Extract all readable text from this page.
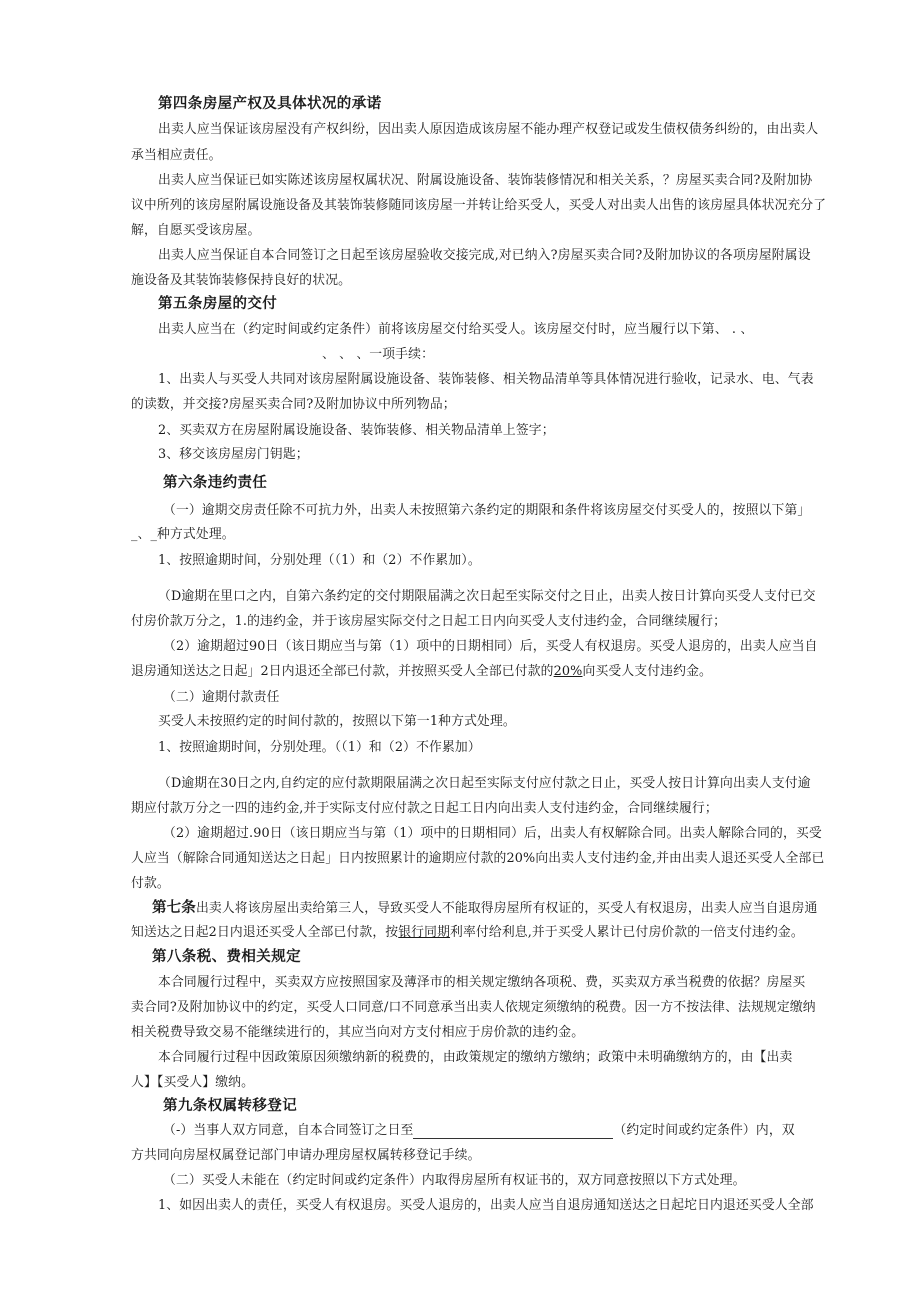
第四条房屋产权及具体状况的承诺
出卖人应当保证该房屋没有产权纠纷，因出卖人原因造成该房屋不能办理产权登记或发生债权债务纠纷的，由出卖人
承当相应责任。
出卖人应当保证已如实陈述该房屋权属状况、附属设施设备、装饰装修情况和相关关系，？房屋买卖合同?及附加协
议中所列的该房屋附属设施设备及其装饰装修随同该房屋一并转让给买受人，买受人对出卖人出售的该房屋具体状况充分了
解，自愿买受该房屋。
出卖人应当保证自本合同签订之日起至该房屋验收交接完成,对已纳入?房屋买卖合同?及附加协议的各项房屋附属设
施设备及其装饰装修保持良好的状况。
第五条房屋的交付
出卖人应当在（约定时间或约定条件）前将该房屋交付给买受人。该房屋交付时，应当履行以下第、 . 、
、 、 、一项手续：
1、出卖人与买受人共同对该房屋附属设施设备、装饰装修、相关物品清单等具体情况进行验收，记录水、电、气表
的读数，并交接?房屋买卖合同?及附加协议中所列物品；
2、买卖双方在房屋附属设施设备、装饰装修、相关物品清单上签字；
3、移交该房屋房门钥匙；
第六条违约责任
（一）逾期交房责任除不可抗力外，出卖人未按照第六条约定的期限和条件将该房屋交付买受人的，按照以下第」
_、_种方式处理。
1、按照逾期时间，分别处理（（1）和（2）不作累加）。
（D逾期在里口之内，自第六条约定的交付期限届满之次日起至实际交付之日止，出卖人按日计算向买受人支付已交
付房价款万分之，1.的违约金，并于该房屋实际交付之日起工日内向买受人支付违约金，合同继续履行；
（2）逾期超过90日（该日期应当与第（1）项中的日期相同）后，买受人有权退房。买受人退房的，出卖人应当自
退房通知送达之日起」2日内退还全部已付款，并按照买受人全部已付款的20%向买受人支付违约金。
（二）逾期付款责任
买受人未按照约定的时间付款的，按照以下第一1种方式处理。
1、按照逾期时间，分别处理。（（1）和（2）不作累加）
（D逾期在30日之内,自约定的应付款期限届满之次日起至实际支付应付款之日止，买受人按日计算向出卖人支付逾
期应付款万分之一四的违约金,并于实际支付应付款之日起工日内向出卖人支付违约金，合同继续履行；
（2）逾期超过.90日（该日期应当与第（1）项中的日期相同）后，出卖人有权解除合同。出卖人解除合同的，买受
人应当（解除合同通知送达之日起」日内按照累计的逾期应付款的20%向出卖人支付违约金,并由出卖人退还买受人全部已
付款。
第七条出卖人将该房屋出卖给第三人，导致买受人不能取得房屋所有权证的，买受人有权退房，出卖人应当自退房通
知送达之日起2日内退还买受人全部已付款，按银行同期利率付给利息,并于买受人累计已付房价款的一倍支付违约金。
第八条税、费相关规定
本合同履行过程中，买卖双方应按照国家及薄泽市的相关规定缴纳各项税、费，买卖双方承当税费的依据？房屋买
卖合同?及附加协议中的约定，买受人口同意/口不同意承当出卖人依规定须缴纳的税费。因一方不按法律、法规规定缴纳
相关税费导致交易不能继续进行的，其应当向对方支付相应于房价款的违约金。
本合同履行过程中因政策原因须缴纳新的税费的，由政策规定的缴纳方缴纳；政策中未明确缴纳方的，由【出卖
人】【买受人】缴纳。
第九条权属转移登记
（-）当事人双方同意，自本合同签订之日至	（约定时间或约定条件）内，双
方共同向房屋权属登记部门申请办理房屋权属转移登记手续。
（二）买受人未能在（约定时间或约定条件）内取得房屋所有权证书的，双方同意按照以下方式处理。
1、如因出卖人的责任，买受人有权退房。买受人退房的，出卖人应当自退房通知送达之日起坨日内退还买受人全部
